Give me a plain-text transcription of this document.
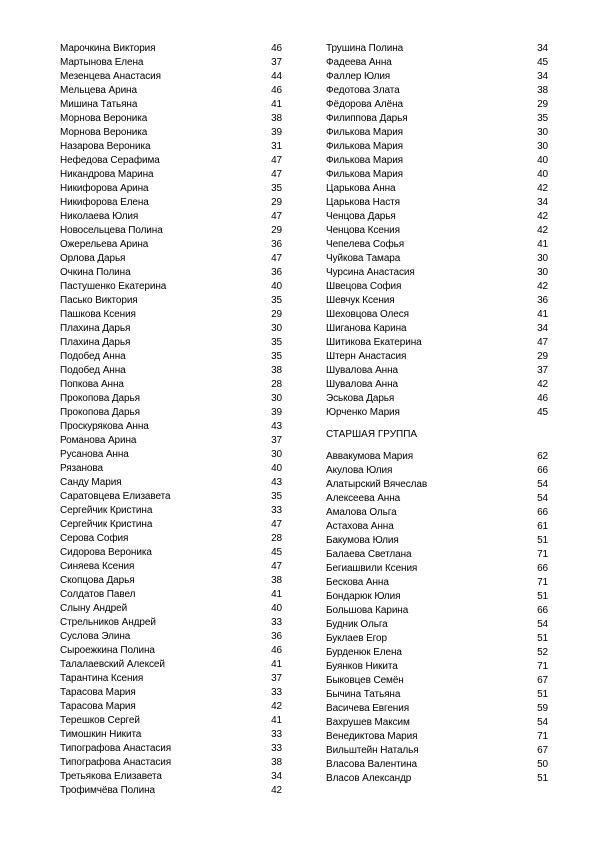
Марочкина Виктория	46
Мартынова Елена	37
Мезенцева Анастасия	44
Мельцева Арина	46
Мишина Татьяна	41
Морнова Вероника	38
Морнова Вероника	39
Назарова Вероника	31
Нефедова Серафима	47
Никандрова Марина	47
Никифорова Арина	35
Никифорова Елена	29
Николаева Юлия	47
Новосельцева Полина	29
Ожерельева Арина	36
Орлова Дарья	47
Очкина Полина	36
Пастушенко Екатерина	40
Пасько Виктория	35
Пашкова Ксения	29
Плахина Дарья	30
Плахина Дарья	35
Подобед Анна	35
Подобед Анна	38
Попкова Анна	28
Прокопова Дарья	30
Прокопова Дарья	39
Проскурякова Анна	43
Романова Арина	37
Русанова Анна	30
Рязанова	40
Санду Мария	43
Саратовцева Елизавета	35
Сергейчик Кристина	33
Сергейчик Кристина	47
Серова София	28
Сидорова Вероника	45
Синяева Ксения	47
Скопцова Дарья	38
Солдатов Павел	41
Слыну Андрей	40
Стрельников Андрей	33
Суслова Элина	36
Сыроежкина Полина	46
Талалаевский Алексей	41
Тарантина Ксения	37
Тарасова Мария	33
Тарасова Мария	42
Терешков Сергей	41
Тимошкин Никита	33
Типографова Анастасия	33
Типографова Анастасия	38
Третьякова Елизавета	34
Трофимчёва Полина	42
Трушина Полина	34
Фадеева Анна	45
Фаллер Юлия	34
Федотова Злата	38
Фёдорова Алёна	29
Филиппова Дарья	35
Филькова Мария	30
Филькова Мария	30
Филькова Мария	40
Филькова Мария	40
Царькова Анна	42
Царькова Настя	34
Ченцова Дарья	42
Ченцова Ксения	42
Чепелева Софья	41
Чуйкова Тамара	30
Чурсина Анастасия	30
Швецова София	42
Шевчук Ксения	36
Шеховцова Олеся	41
Шиганова Карина	34
Шитикова Екатерина	47
Штерн Анастасия	29
Шувалова Анна	37
Шувалова Анна	42
Эськова Дарья	46
Юрченко Мария	45
СТАРШАЯ ГРУППА
Аввакумова Мария	62
Акулова Юлия	66
Алатырский Вячеслав	54
Алексеева Анна	54
Амалова Ольга	66
Астахова Анна	61
Бакумова Юлия	51
Балаева Светлана	71
Бегиашвили Ксения	66
Бескова Анна	71
Бондарюк Юлия	51
Большова Карина	66
Будник Ольга	54
Буклаев Егор	51
Бурденюк Елена	52
Буянков Никита	71
Быковцев Семён	67
Бычина Татьяна	51
Васичева Евгения	59
Вахрушев Максим	54
Венедиктова Мария	71
Вильштейн Наталья	67
Власова Валентина	50
Власов Александр	51
